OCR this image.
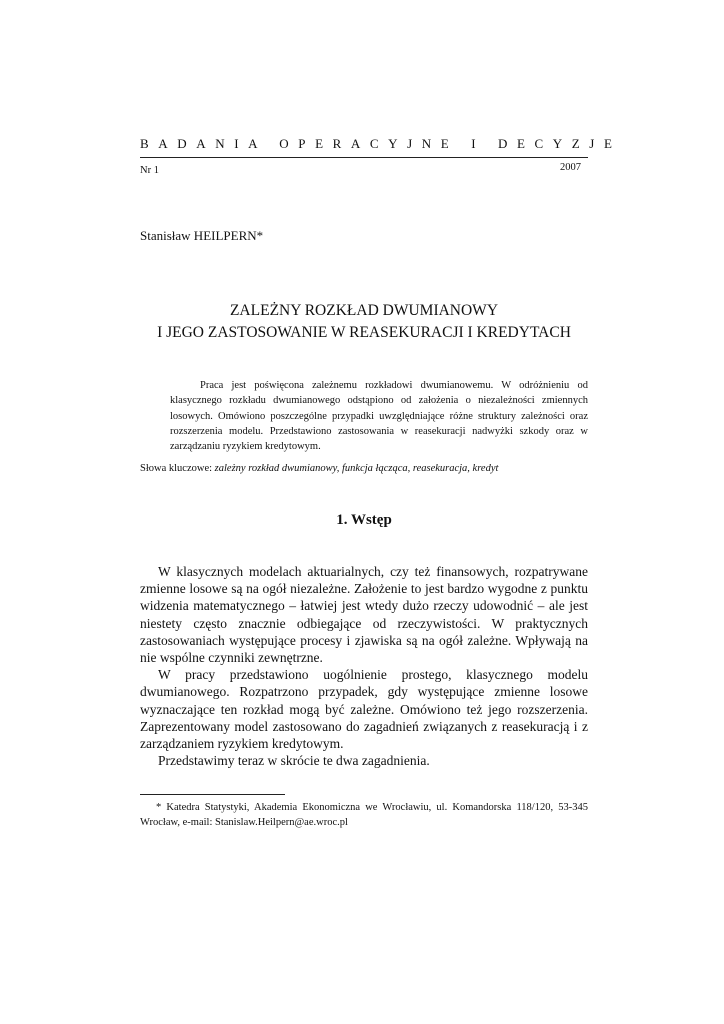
BADANIA OPERACYJNE I DECYZJE
Nr 1	2007
Stanisław HEILPERN*
ZALEŻNY ROZKŁAD DWUMIANOWY
I JEGO ZASTOSOWANIE W REASEKURACJI I KREDYTACH
Praca jest poświęcona zależnemu rozkładowi dwumianowemu. W odróżnieniu od klasycznego rozkładu dwumianowego odstąpiono od założenia o niezależności zmiennych losowych. Omówiono poszczególne przypadki uwzględniające różne struktury zależności oraz rozszerzenia modelu. Przedstawiono zastosowania w reasekuracji nadwyżki szkody oraz w zarządzaniu ryzykiem kredytowym.
Słowa kluczowe: zależny rozkład dwumianowy, funkcja łącząca, reasekuracja, kredyt
1. Wstęp

W klasycznych modelach aktuarialnych, czy też finansowych, rozpatrywane zmienne losowe są na ogół niezależne. Założenie to jest bardzo wygodne z punktu widzenia matematycznego – łatwiej jest wtedy dużo rzeczy udowodnić – ale jest niestety często znacznie odbiegające od rzeczywistości. W praktycznych zastosowaniach występujące procesy i zjawiska są na ogół zależne. Wpływają na nie wspólne czynniki zewnętrzne.

W pracy przedstawiono uogólnienie prostego, klasycznego modelu dwumianowego. Rozpatrzono przypadek, gdy występujące zmienne losowe wyznaczające ten rozkład mogą być zależne. Omówiono też jego rozszerzenia. Zaprezentowany model zastosowano do zagadnień związanych z reasekuracją i z zarządzaniem ryzykiem kredytowym.

Przedstawimy teraz w skrócie te dwa zagadnienia.

* Katedra Statystyki, Akademia Ekonomiczna we Wrocławiu, ul. Komandorska 118/120, 53-345 Wrocław, e-mail: Stanislaw.Heilpern@ae.wroc.pl
